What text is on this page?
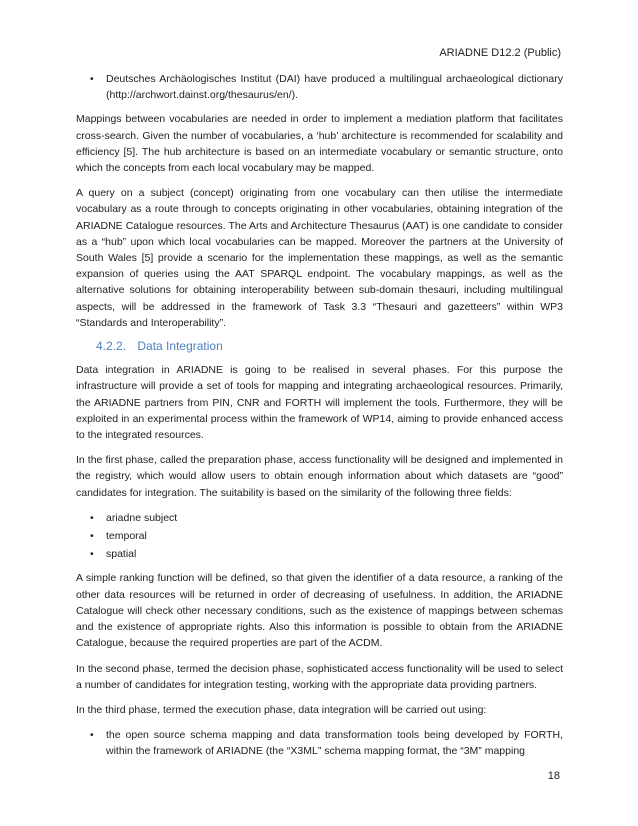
ARIADNE D12.2 (Public)
• Deutsches Archäologisches Institut (DAI) have produced a multilingual archaeological dictionary (http://archwort.dainst.org/thesaurus/en/).

Mappings between vocabularies are needed in order to implement a mediation platform that facilitates cross-search. Given the number of vocabularies, a ‘hub’ architecture is recommended for scalability and efficiency [5]. The hub architecture is based on an intermediate vocabulary or semantic structure, onto which the concepts from each local vocabulary may be mapped.

A query on a subject (concept) originating from one vocabulary can then utilise the intermediate vocabulary as a route through to concepts originating in other vocabularies, obtaining integration of the ARIADNE Catalogue resources. The Arts and Architecture Thesaurus (AAT) is one candidate to consider as a “hub” upon which local vocabularies can be mapped. Moreover the partners at the University of South Wales [5] provide a scenario for the implementation these mappings, as well as the semantic expansion of queries using the AAT SPARQL endpoint. The vocabulary mappings, as well as the alternative solutions for obtaining interoperability between sub-domain thesauri, including multilingual aspects, will be addressed in the framework of Task 3.3 “Thesauri and gazetteers” within WP3 “Standards and Interoperability”.

4.2.2. Data Integration

Data integration in ARIADNE is going to be realised in several phases. For this purpose the infrastructure will provide a set of tools for mapping and integrating archaeological resources. Primarily, the ARIADNE partners from PIN, CNR and FORTH will implement the tools. Furthermore, they will be exploited in an experimental process within the framework of WP14, aiming to provide enhanced access to the integrated resources.

In the first phase, called the preparation phase, access functionality will be designed and implemented in the registry, which would allow users to obtain enough information about which datasets are “good” candidates for integration. The suitability is based on the similarity of the following three fields:

• ariadne subject
• temporal
• spatial

A simple ranking function will be defined, so that given the identifier of a data resource, a ranking of the other data resources will be returned in order of decreasing of usefulness. In addition, the ARIADNE Catalogue will check other necessary conditions, such as the existence of mappings between schemas and the existence of appropriate rights. Also this information is possible to obtain from the ARIADNE Catalogue, because the required properties are part of the ACDM.

In the second phase, termed the decision phase, sophisticated access functionality will be used to select a number of candidates for integration testing, working with the appropriate data providing partners.

In the third phase, termed the execution phase, data integration will be carried out using:

• the open source schema mapping and data transformation tools being developed by FORTH, within the framework of ARIADNE (the “X3ML” schema mapping format, the “3M” mapping
18
